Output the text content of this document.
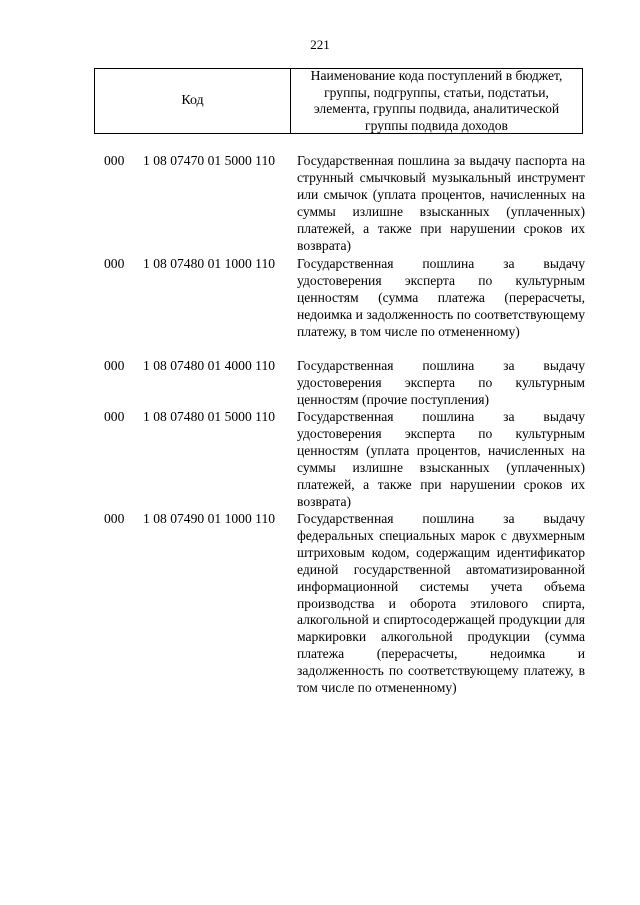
221
Код
Наименование кода поступлений в бюджет, группы, подгруппы, статьи, подстатьи, элемента, группы подвида, аналитической группы подвида доходов
000 1 08 07470 01 5000 110 Государственная пошлина за выдачу паспорта на струнный смычковый музыкальный инструмент или смычок (уплата процентов, начисленных на суммы излишне взысканных (уплаченных) платежей, а также при нарушении сроков их возврата)
000 1 08 07480 01 1000 110 Государственная пошлина за выдачу удостоверения эксперта по культурным ценностям (сумма платежа (перерасчеты, недоимка и задолженность по соответствующему платежу, в том числе по отмененному)
000 1 08 07480 01 4000 110 Государственная пошлина за выдачу удостоверения эксперта по культурным ценностям (прочие поступления)
000 1 08 07480 01 5000 110 Государственная пошлина за выдачу удостоверения эксперта по культурным ценностям (уплата процентов, начисленных на суммы излишне взысканных (уплаченных) платежей, а также при нарушении сроков их возврата)
000 1 08 07490 01 1000 110 Государственная пошлина за выдачу федеральных специальных марок с двухмерным штриховым кодом, содержащим идентификатор единой государственной автоматизированной информационной системы учета объема производства и оборота этилового спирта, алкогольной и спиртосодержащей продукции для маркировки алкогольной продукции (сумма платежа (перерасчеты, недоимка и задолженность по соответствующему платежу, в том числе по отмененному)
